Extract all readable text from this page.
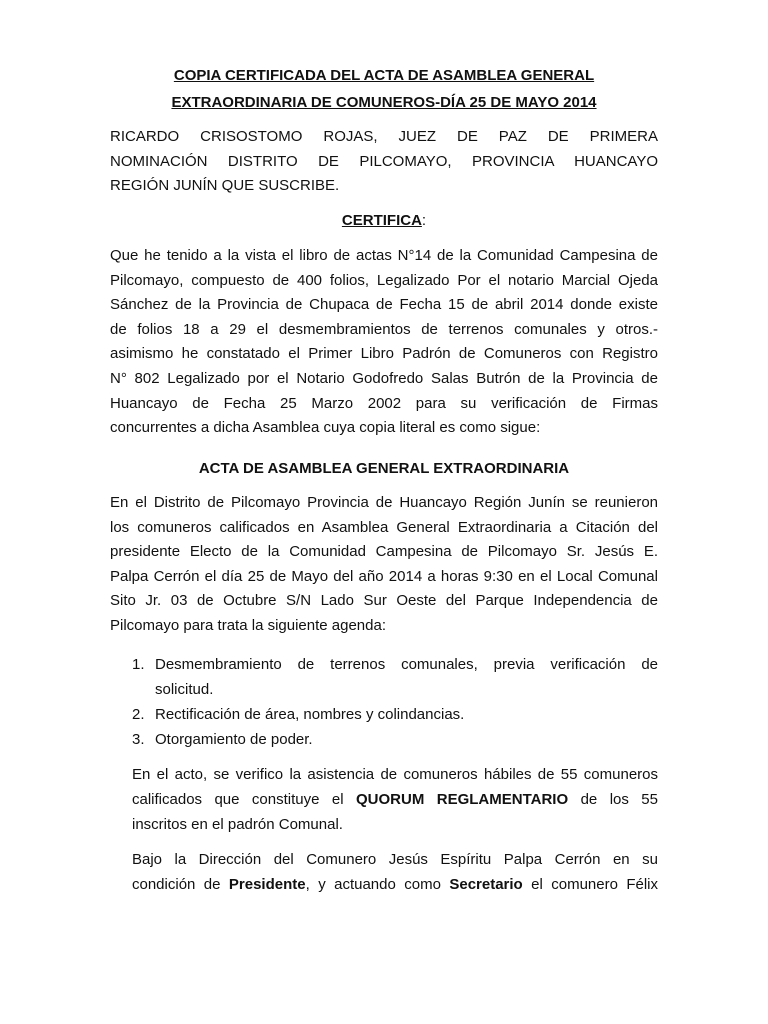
COPIA CERTIFICADA DEL ACTA DE ASAMBLEA GENERAL
EXTRAORDINARIA DE COMUNEROS-DÍA 25 DE MAYO 2014
RICARDO CRISOSTOMO ROJAS, JUEZ DE PAZ DE PRIMERA
NOMINACIÓN DISTRITO DE PILCOMAYO, PROVINCIA HUANCAYO
REGIÓN JUNÍN QUE SUSCRIBE.
CERTIFICA:
Que he tenido a la vista el libro de actas N°14 de la Comunidad Campesina de
Pilcomayo, compuesto de 400 folios, Legalizado Por el notario Marcial Ojeda
Sánchez de la Provincia de Chupaca de Fecha 15 de abril 2014 donde existe
de folios 18 a 29 el desmembramientos de terrenos comunales y otros.-
asimismo he constatado el Primer Libro Padrón de Comuneros con Registro
N° 802 Legalizado por el Notario Godofredo Salas Butrón de la Provincia de
Huancayo de Fecha 25 Marzo 2002 para su verificación de Firmas
concurrentes a dicha Asamblea cuya copia literal es como sigue:
ACTA DE ASAMBLEA GENERAL EXTRAORDINARIA
En el Distrito de Pilcomayo Provincia de Huancayo Región Junín se reunieron
los comuneros calificados en Asamblea General Extraordinaria a Citación del
presidente Electo de la Comunidad Campesina de Pilcomayo Sr. Jesús E.
Palpa Cerrón el día 25 de Mayo del año 2014 a horas 9:30 en el Local Comunal
Sito Jr. 03 de Octubre S/N Lado Sur Oeste del Parque Independencia de
Pilcomayo para trata la siguiente agenda:
1. Desmembramiento de terrenos comunales, previa verificación de
solicitud.
2. Rectificación de área, nombres y colindancias.
3. Otorgamiento de poder.
En el acto, se verifico la asistencia de comuneros hábiles de 55 comuneros
calificados que constituye el QUORUM REGLAMENTARIO de los 55
inscritos en el padrón Comunal.
Bajo la Dirección del Comunero Jesús Espíritu Palpa Cerrón en su
condición de Presidente, y actuando como Secretario el comunero Félix
